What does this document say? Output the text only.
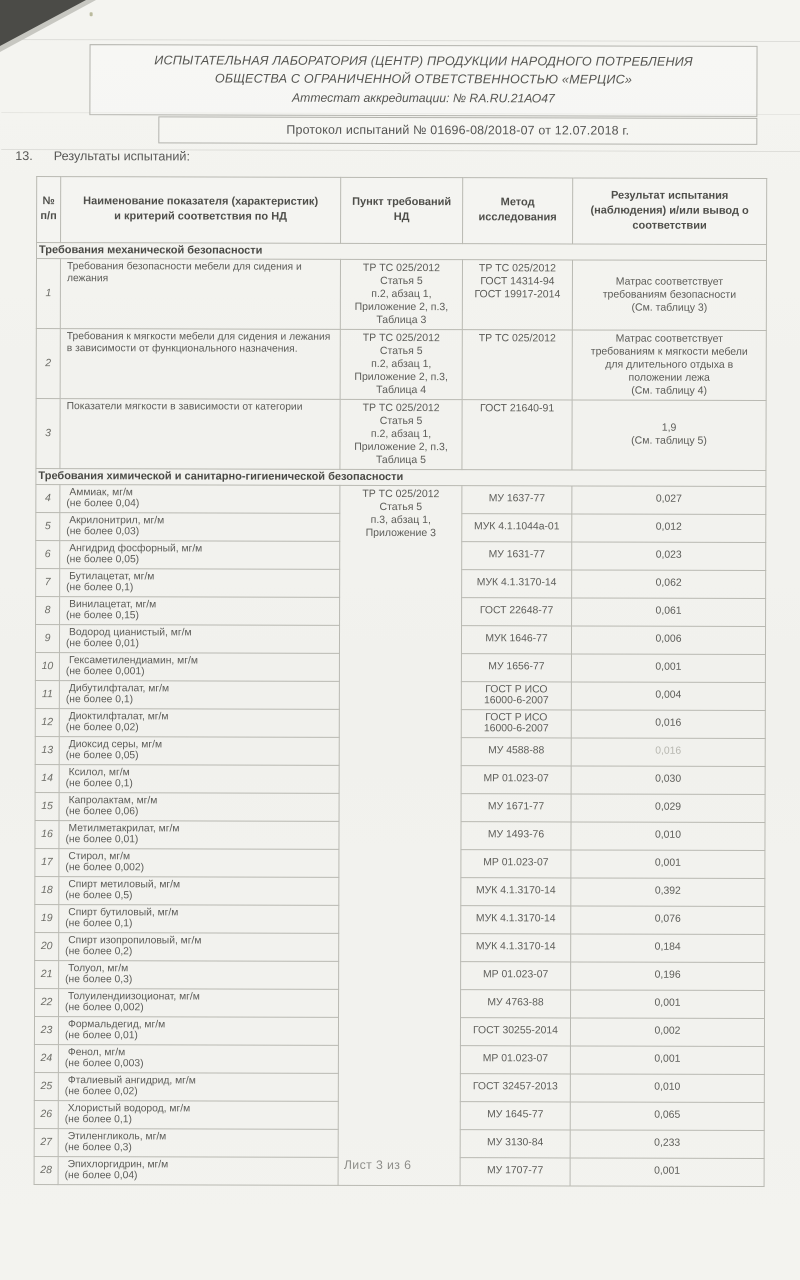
ИСПЫТАТЕЛЬНАЯ ЛАБОРАТОРИЯ (ЦЕНТР) ПРОДУКЦИИ НАРОДНОГО ПОТРЕБЛЕНИЯ
ОБЩЕСТВА С ОГРАНИЧЕННОЙ ОТВЕТСТВЕННОСТЬЮ «МЕРЦИС»
Аттестат аккредитации: № RA.RU.21АО47
Протокол испытаний № 01696-08/2018-07 от 12.07.2018 г.
13. Результаты испытаний:
№
п/п	Наименование показателя (характеристик)
и критерий соответствия по НД	Пункт требований
НД	Метод
исследования	Результат испытания
(наблюдения) и/или вывод о
соответствии
Требования механической безопасности				
1	Требования безопасности мебели для сидения и лежания	ТР ТС 025/2012
Статья 5
п.2, абзац 1,
Приложение 2, п.3,
Таблица 3	ТР ТС 025/2012
ГОСТ 14314-94
ГОСТ 19917-2014	Матрас соответствует
требованиям безопасности
(См. таблицу 3)
2	Требования к мягкости мебели для сидения и лежания в зависимости от функционального назначения.	ТР ТС 025/2012
Статья 5
п.2, абзац 1,
Приложение 2, п.3,
Таблица 4	ТР ТС 025/2012	Матрас соответствует
требованиям к мягкости мебели
для длительного отдыха в
положении лежа
(См. таблицу 4)
3	Показатели мягкости в зависимости от категории	ТР ТС 025/2012
Статья 5
п.2, абзац 1,
Приложение 2, п.3,
Таблица 5	ГОСТ 21640-91	1,9
(См. таблицу 5)
Требования химической и санитарно-гигиенической безопасности				
4	Аммиак, мг/м
(не более 0,04)
	ТР ТС 025/2012
Статья 5
п.3, абзац 1,
Приложение 3	МУ 1637-77	0,027
5	Акрилонитрил, мг/м
(не более 0,03)		МУК 4.1.1044а-01	0,012
6	Ангидрид фосфорный, мг/м
(не более 0,05)		МУ 1631-77	0,023
7	Бутилацетат, мг/м
(не более 0,1)		МУК 4.1.3170-14	0,062
8	Винилацетат, мг/м
(не более 0,15)		ГОСТ 22648-77	0,061
9	Водород цианистый, мг/м
(не более 0,01)		МУК 1646-77	0,006
10	Гексаметилендиамин, мг/м
(не более 0,001)		МУ 1656-77	0,001
11	Дибутилфталат, мг/м
(не более 0,1)
	ГОСТ Р ИСО
16000-6-2007	0,004
12	Диоктилфталат, мг/м
(не более 0,02)
	ГОСТ Р ИСО
16000-6-2007	0,016
13	Диоксид серы, мг/м
(не более 0,05)		МУ 4588-88	0,016
14	Ксилол, мг/м
(не более 0,1)		МР 01.023-07	0,030
15	Капролактам, мг/м
(не более 0,06)		МУ 1671-77	0,029
16	Метилметакрилат, мг/м
(не более 0,01)		МУ 1493-76	0,010
17	Стирол, мг/м
(не более 0,002)		МР 01.023-07	0,001
18	Спирт метиловый, мг/м
(не более 0,5)		МУК 4.1.3170-14	0,392
19	Спирт бутиловый, мг/м
(не более 0,1)		МУК 4.1.3170-14	0,076
20	Спирт изопропиловый, мг/м
(не более 0,2)		МУК 4.1.3170-14	0,184
21	Толуол, мг/м
(не более 0,3)		МР 01.023-07	0,196
22	Толуилендиизоционат, мг/м
(не более 0,002)		МУ 4763-88	0,001
23	Формальдегид, мг/м
(не более 0,01)		ГОСТ 30255-2014	0,002
24	Фенол, мг/м
(не более 0,003)		МР 01.023-07	0,001
25	Фталиевый ангидрид, мг/м
(не более 0,02)		ГОСТ 32457-2013	0,010
26	Хлористый водород, мг/м
(не более 0,1)		МУ 1645-77	0,065
27	Этиленгликоль, мг/м
(не более 0,3)		МУ 3130-84	0,233
28	Эпихлоргидрин, мг/м
(не более 0,04)		МУ 1707-77	0,001
Лист 3 из 6
